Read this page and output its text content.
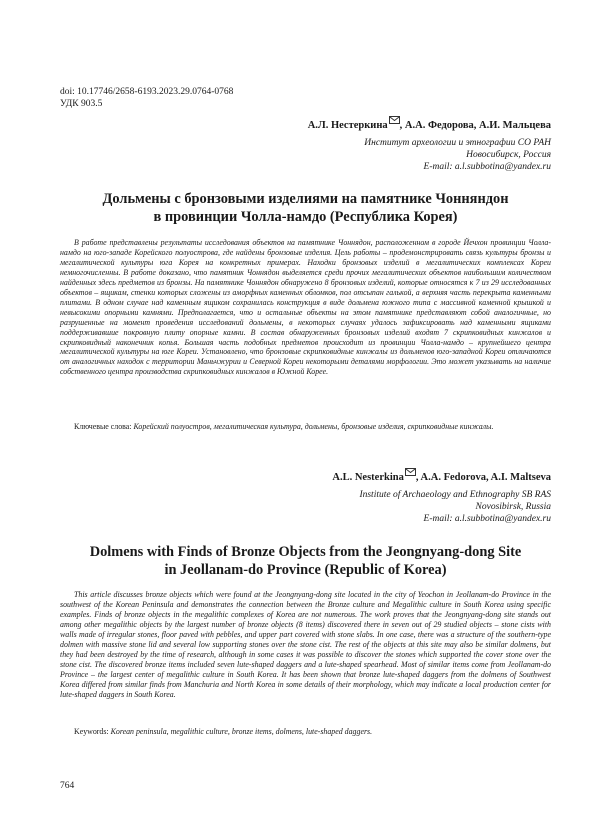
doi: 10.17746/2658-6193.2023.29.0764-0768
УДК 903.5
А.Л. Нестеркина , А.А. Федорова, А.И. Мальцева
Институт археологии и этнографии СО РАН
Новосибирск, Россия
E-mail: a.l.subbotina@yandex.ru
Дольмены с бронзовыми изделиями на памятнике Чонняндон
в провинции Чолла-намдо (Республика Корея)

В работе представлены результаты исследования объектов на памятнике Чоннядон, расположенном в городе Йечхон провинции Чолла-намдо на юго-западе Корейского полуострова, где найдены бронзовые изделия. Цель работы – продемонстрировать связь культуры бронзы и мегалитической культуры юга Корея на конкретных примерах. Находки бронзовых изделий в мегалитических комплексах Кореи немногочисленны. В работе доказано, что памятник Чоннядон выделяется среди прочих мегалитических объектов наибольшим количеством найденных здесь предметов из бронзы. На памятнике Чоннядон обнаружено 8 бронзовых изделий, которые относятся к 7 из 29 исследованных объектов – ящикам, стенки которых сложены из аморфных каменных обломков, пол отсыпан галькой, а верхняя часть перекрыта каменными плитами. В одном случае над каменным ящиком сохранилась конструкция в виде дольмена южного типа с массивной каменной крышкой и невысокими опорными камнями. Предполагается, что и остальные объекты на этом памятнике представляют собой аналогичные, но разрушенные на момент проведения исследований дольмены, в некоторых случаях удалось зафиксировать над каменными ящиками поддерживавшие покровную плиту опорные камни. В состав обнаруженных бронзовых изделий входят 7 скрипковидных кинжалов и скрипковидный наконечник копья. Большая часть подобных предметов происходит из провинции Чолла-намдо – крупнейшего центра мегалитической культуры на юге Кореи. Установлено, что бронзовые скрипковидные кинжалы из дольменов юго-западной Кореи отличаются от аналогичных находок с территории Маньчжурии и Северной Кореи некоторыми деталями морфологии. Это может указывать на наличие собственного центра производства скрипковидных кинжалов в Южной Корее.

Ключевые слова: Корейский полуостров, мегалитическая культура, дольмены, бронзовые изделия, скрипковидные кинжалы.

A.L. Nesterkina , A.A. Fedorova, A.I. Maltseva
Institute of Archaeology and Ethnography SB RAS
Novosibirsk, Russia
E-mail: a.l.subbotina@yandex.ru
Dolmens with Finds of Bronze Objects from the Jeongnyang-dong Site
in Jeollanam-do Province (Republic of Korea)

This article discusses bronze objects which were found at the Jeongnyang-dong site located in the city of Yeochon in Jeollanam-do Province in the southwest of the Korean Peninsula and demonstrates the connection between the Bronze culture and Megalithic culture in South Korea using specific examples. Finds of bronze objects in the megalithic complexes of Korea are not numerous. The work proves that the Jeongnyang-dong site stands out among other megalithic objects by the largest number of bronze objects (8 items) discovered there in seven out of 29 studied objects – stone cists with walls made of irregular stones, floor paved with pebbles, and upper part covered with stone slabs. In one case, there was a structure of the southern-type dolmen with massive stone lid and several low supporting stones over the stone cist. The rest of the objects at this site may also be similar dolmens, but they had been destroyed by the time of research, although in some cases it was possible to discover the stones which supported the cover stone over the stone cist. The discovered bronze items included seven lute-shaped daggers and a lute-shaped spearhead. Most of similar items come from Jeollanam-do Province – the largest center of megalithic culture in South Korea. It has been shown that bronze lute-shaped daggers from the dolmens of Southwest Korea differed from similar finds from Manchuria and North Korea in some details of their morphology, which may indicate a local production center for lute-shaped daggers in South Korea.

Keywords: Korean peninsula, megalithic culture, bronze items, dolmens, lute-shaped daggers.

764
